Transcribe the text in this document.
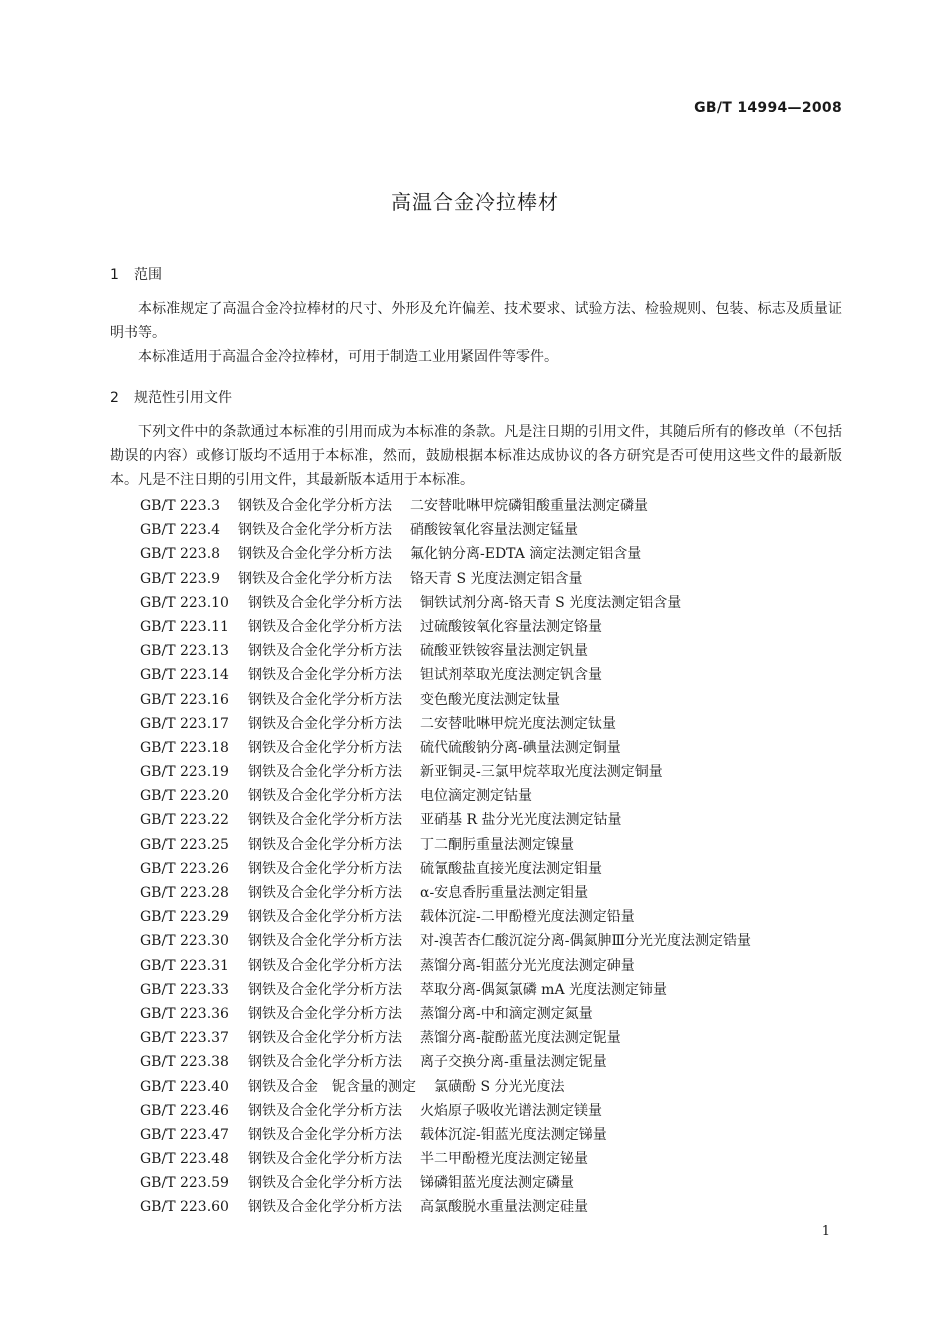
GB/T 14994—2008
高温合金冷拉棒材
1 范围
本标准规定了高温合金冷拉棒材的尺寸、外形及允许偏差、技术要求、试验方法、检验规则、包装、标志及质量证明书等。
本标准适用于高温合金冷拉棒材，可用于制造工业用紧固件等零件。
2 规范性引用文件
下列文件中的条款通过本标准的引用而成为本标准的条款。凡是注日期的引用文件，其随后所有的修改单（不包括勘误的内容）或修订版均不适用于本标准，然而，鼓励根据本标准达成协议的各方研究是否可使用这些文件的最新版本。凡是不注日期的引用文件，其最新版本适用于本标准。
GB/T 223.3 钢铁及合金化学分析方法 二安替吡啉甲烷磷钼酸重量法测定磷量
GB/T 223.4 钢铁及合金化学分析方法 硝酸铵氧化容量法测定锰量
GB/T 223.8 钢铁及合金化学分析方法 氟化钠分离-EDTA 滴定法测定铝含量
GB/T 223.9 钢铁及合金化学分析方法 铬天青 S 光度法测定铝含量
GB/T 223.10 钢铁及合金化学分析方法 铜铁试剂分离-铬天青 S 光度法测定铝含量
GB/T 223.11 钢铁及合金化学分析方法 过硫酸铵氧化容量法测定铬量
GB/T 223.13 钢铁及合金化学分析方法 硫酸亚铁铵容量法测定钒量
GB/T 223.14 钢铁及合金化学分析方法 钽试剂萃取光度法测定钒含量
GB/T 223.16 钢铁及合金化学分析方法 变色酸光度法测定钛量
GB/T 223.17 钢铁及合金化学分析方法 二安替吡啉甲烷光度法测定钛量
GB/T 223.18 钢铁及合金化学分析方法 硫代硫酸钠分离-碘量法测定铜量
GB/T 223.19 钢铁及合金化学分析方法 新亚铜灵-三氯甲烷萃取光度法测定铜量
GB/T 223.20 钢铁及合金化学分析方法 电位滴定测定钴量
GB/T 223.22 钢铁及合金化学分析方法 亚硝基 R 盐分光光度法测定钴量
GB/T 223.25 钢铁及合金化学分析方法 丁二酮肟重量法测定镍量
GB/T 223.26 钢铁及合金化学分析方法 硫氰酸盐直接光度法测定钼量
GB/T 223.28 钢铁及合金化学分析方法 α-安息香肟重量法测定钼量
GB/T 223.29 钢铁及合金化学分析方法 载体沉淀-二甲酚橙光度法测定铅量
GB/T 223.30 钢铁及合金化学分析方法 对-溴苦杏仁酸沉淀分离-偶氮胂Ⅲ分光光度法测定锆量
GB/T 223.31 钢铁及合金化学分析方法 蒸馏分离-钼蓝分光光度法测定砷量
GB/T 223.33 钢铁及合金化学分析方法 萃取分离-偶氮氯磷 mA 光度法测定铈量
GB/T 223.36 钢铁及合金化学分析方法 蒸馏分离-中和滴定测定氮量
GB/T 223.37 钢铁及合金化学分析方法 蒸馏分离-靛酚蓝光度法测定铌量
GB/T 223.38 钢铁及合金化学分析方法 离子交换分离-重量法测定铌量
GB/T 223.40 钢铁及合金　铌含量的测定 氯磺酚 S 分光光度法
GB/T 223.46 钢铁及合金化学分析方法 火焰原子吸收光谱法测定镁量
GB/T 223.47 钢铁及合金化学分析方法 载体沉淀-钼蓝光度法测定锑量
GB/T 223.48 钢铁及合金化学分析方法 半二甲酚橙光度法测定铋量
GB/T 223.59 钢铁及合金化学分析方法 锑磷钼蓝光度法测定磷量
GB/T 223.60 钢铁及合金化学分析方法 高氯酸脱水重量法测定硅量
1
